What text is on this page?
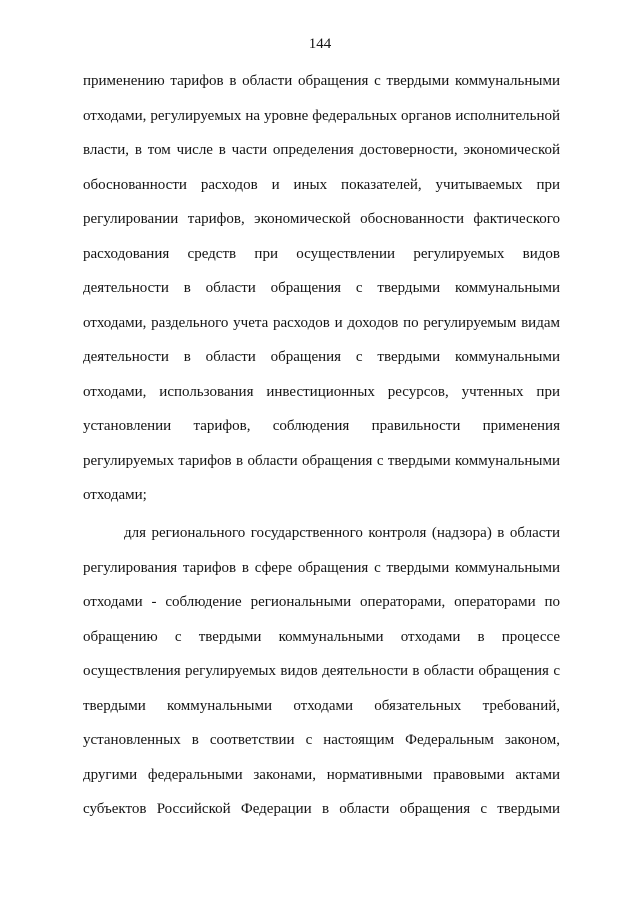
144
применению тарифов в области обращения с твердыми коммунальными
отходами, регулируемых на уровне федеральных органов исполнительной
власти, в том числе в части определения достоверности, экономической
обоснованности расходов и иных показателей, учитываемых при
регулировании тарифов, экономической обоснованности фактического
расходования средств при осуществлении регулируемых видов
деятельности в области обращения с твердыми коммунальными
отходами, раздельного учета расходов и доходов по регулируемым видам
деятельности в области обращения с твердыми коммунальными
отходами, использования инвестиционных ресурсов, учтенных при
установлении тарифов, соблюдения правильности применения
регулируемых тарифов в области обращения с твердыми коммунальными
отходами;
для регионального государственного контроля (надзора) в области
регулирования тарифов в сфере обращения с твердыми коммунальными
отходами - соблюдение региональными операторами, операторами по
обращению с твердыми коммунальными отходами в процессе
осуществления регулируемых видов деятельности в области обращения с
твердыми коммунальными отходами обязательных требований,
установленных в соответствии с настоящим Федеральным законом,
другими федеральными законами, нормативными правовыми актами
субъектов Российской Федерации в области обращения с твердыми
